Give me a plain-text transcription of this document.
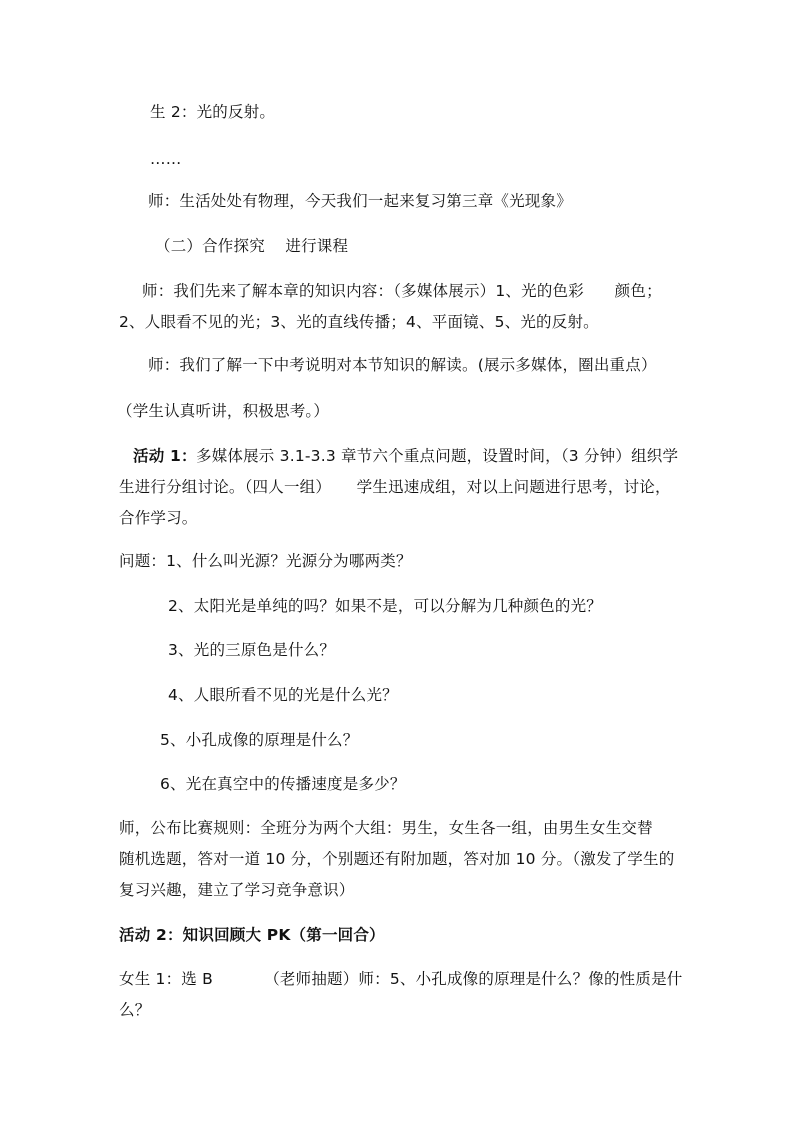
生 2：光的反射。
……
师：生活处处有物理，今天我们一起来复习第三章《光现象》
（二）合作探究    进行课程
师：我们先来了解本章的知识内容：（多媒体展示）1、光的色彩      颜色；
2、人眼看不见的光；3、光的直线传播；4、平面镜、5、光的反射。
师：我们了解一下中考说明对本节知识的解读。(展示多媒体，圈出重点）
（学生认真听讲，积极思考。）
活动 1： 多媒体展示 3.1-3.3 章节六个重点问题，设置时间，（3 分钟）组织学
生进行分组讨论。（四人一组）     学生迅速成组，对以上问题进行思考，讨论，
合作学习。
问题：1、什么叫光源？光源分为哪两类？
2、太阳光是单纯的吗？如果不是，可以分解为几种颜色的光？
3、光的三原色是什么？
4、人眼所看不见的光是什么光？
5、小孔成像的原理是什么？
6、光在真空中的传播速度是多少？
师，公布比赛规则：全班分为两个大组：男生，女生各一组，由男生女生交替
随机选题，答对一道 10 分，个别题还有附加题，答对加 10 分。（激发了学生的
复习兴趣，建立了学习竞争意识）
活动 2：知识回顾大 PK（第一回合）
女生 1：选 B          （老师抽题）师：5、小孔成像的原理是什么？像的性质是什
么？
